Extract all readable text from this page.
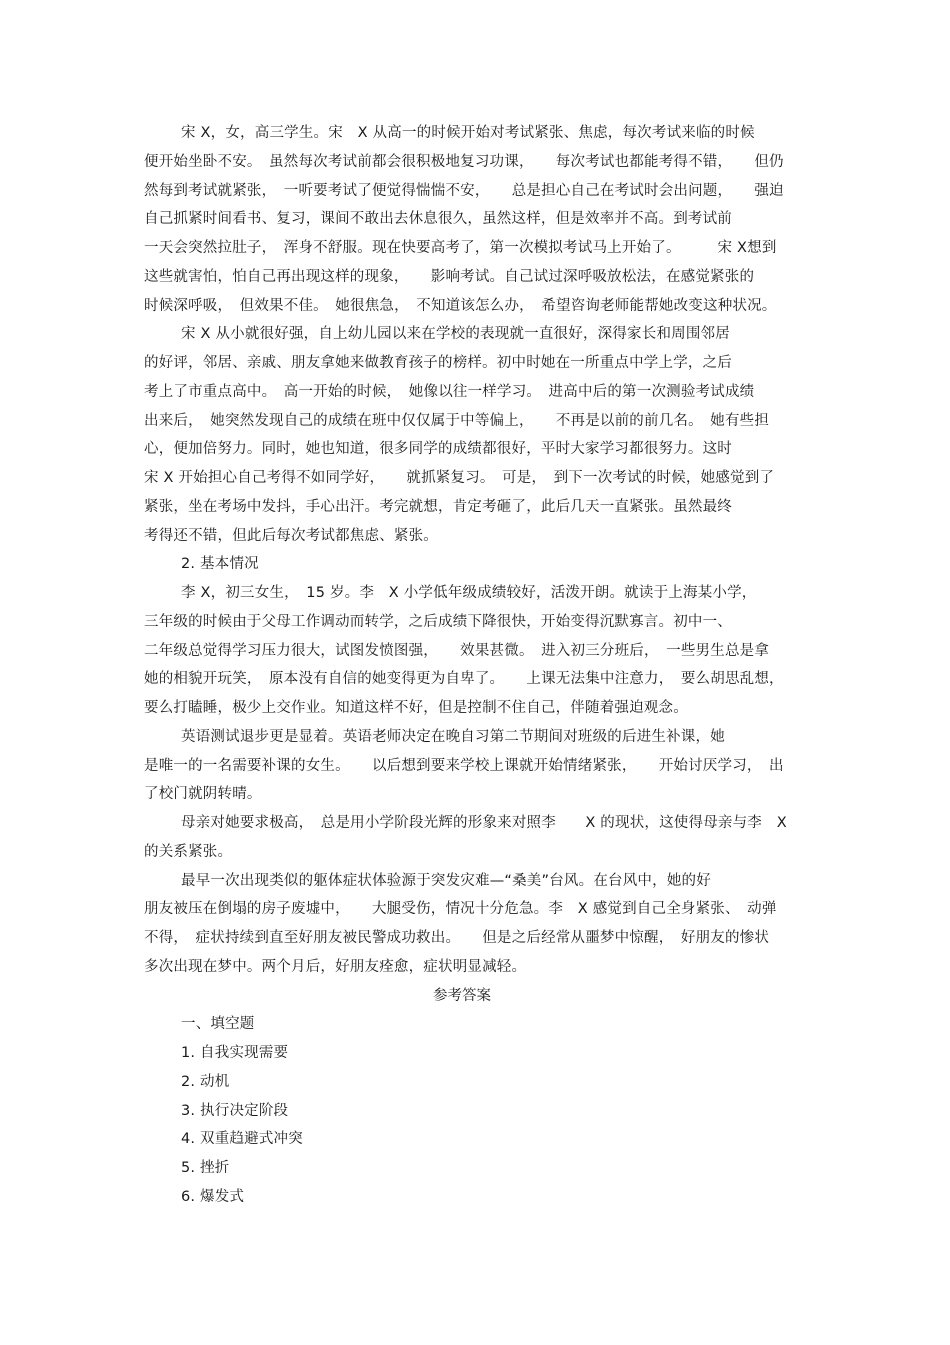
宋 X，女，高三学生。宋　X 从高一的时候开始对考试紧张、焦虑，每次考试来临的时候
便开始坐卧不安。　虽然每次考试前都会很积极地复习功课，　　每次考试也都能考得不错，　　但仍
然每到考试就紧张，　一听要考试了便觉得惴惴不安，　　总是担心自己在考试时会出问题，　　强迫
自己抓紧时间看书、复习，课间不敢出去休息很久，虽然这样，但是效率并不高。到考试前
一天会突然拉肚子，　浑身不舒服。现在快要高考了，第一次模拟考试马上开始了。　　　宋 X想到
这些就害怕，怕自己再出现这样的现象，　　影响考试。自己试过深呼吸放松法，在感觉紧张的
时候深呼吸，　但效果不佳。　她很焦急，　不知道该怎么办，　希望咨询老师能帮她改变这种状况。
宋 X 从小就很好强，自上幼儿园以来在学校的表现就一直很好，深得家长和周围邻居
的好评，邻居、亲戚、朋友拿她来做教育孩子的榜样。初中时她在一所重点中学上学，之后
考上了市重点高中。　高一开始的时候，　她像以往一样学习。　进高中后的第一次测验考试成绩
出来后，　她突然发现自己的成绩在班中仅仅属于中等偏上，　　不再是以前的前几名。　她有些担
心，便加倍努力。同时，她也知道，很多同学的成绩都很好，平时大家学习都很努力。这时
宋 X 开始担心自己考得不如同学好，　　就抓紧复习。　可是，　到下一次考试的时候，她感觉到了
紧张，坐在考场中发抖，手心出汗。考完就想，肯定考砸了，此后几天一直紧张。虽然最终
考得还不错，但此后每次考试都焦虑、紧张。
2. 基本情况
李 X，初三女生，　15 岁。李　X 小学低年级成绩较好，活泼开朗。就读于上海某小学，
三年级的时候由于父母工作调动而转学，之后成绩下降很快，开始变得沉默寡言。初中一、
二年级总觉得学习压力很大，试图发愤图强，　　效果甚微。　进入初三分班后，　一些男生总是拿
她的相貌开玩笑，　原本没有自信的她变得更为自卑了。　　上课无法集中注意力，　要么胡思乱想，
要么打瞌睡，极少上交作业。知道这样不好，但是控制不住自己，伴随着强迫观念。
英语测试退步更是显着。英语老师决定在晚自习第二节期间对班级的后进生补课，她
是唯一的一名需要补课的女生。　　以后想到要来学校上课就开始情绪紧张，　　开始讨厌学习，　出
了校门就阴转晴。
母亲对她要求极高，　总是用小学阶段光辉的形象来对照李　　X 的现状，这使得母亲与李　X
的关系紧张。
最早一次出现类似的躯体症状体验源于突发灾难—“桑美”台风。在台风中，她的好
朋友被压在倒塌的房子废墟中，　　大腿受伤，情况十分危急。李　X 感觉到自己全身紧张、　动弹
不得，　症状持续到直至好朋友被民警成功救出。　　但是之后经常从噩梦中惊醒，　好朋友的惨状
多次出现在梦中。两个月后，好朋友痊愈，症状明显减轻。
参考答案
一、填空题
1. 自我实现需要
2. 动机
3. 执行决定阶段
4. 双重趋避式冲突
5. 挫折
6. 爆发式
